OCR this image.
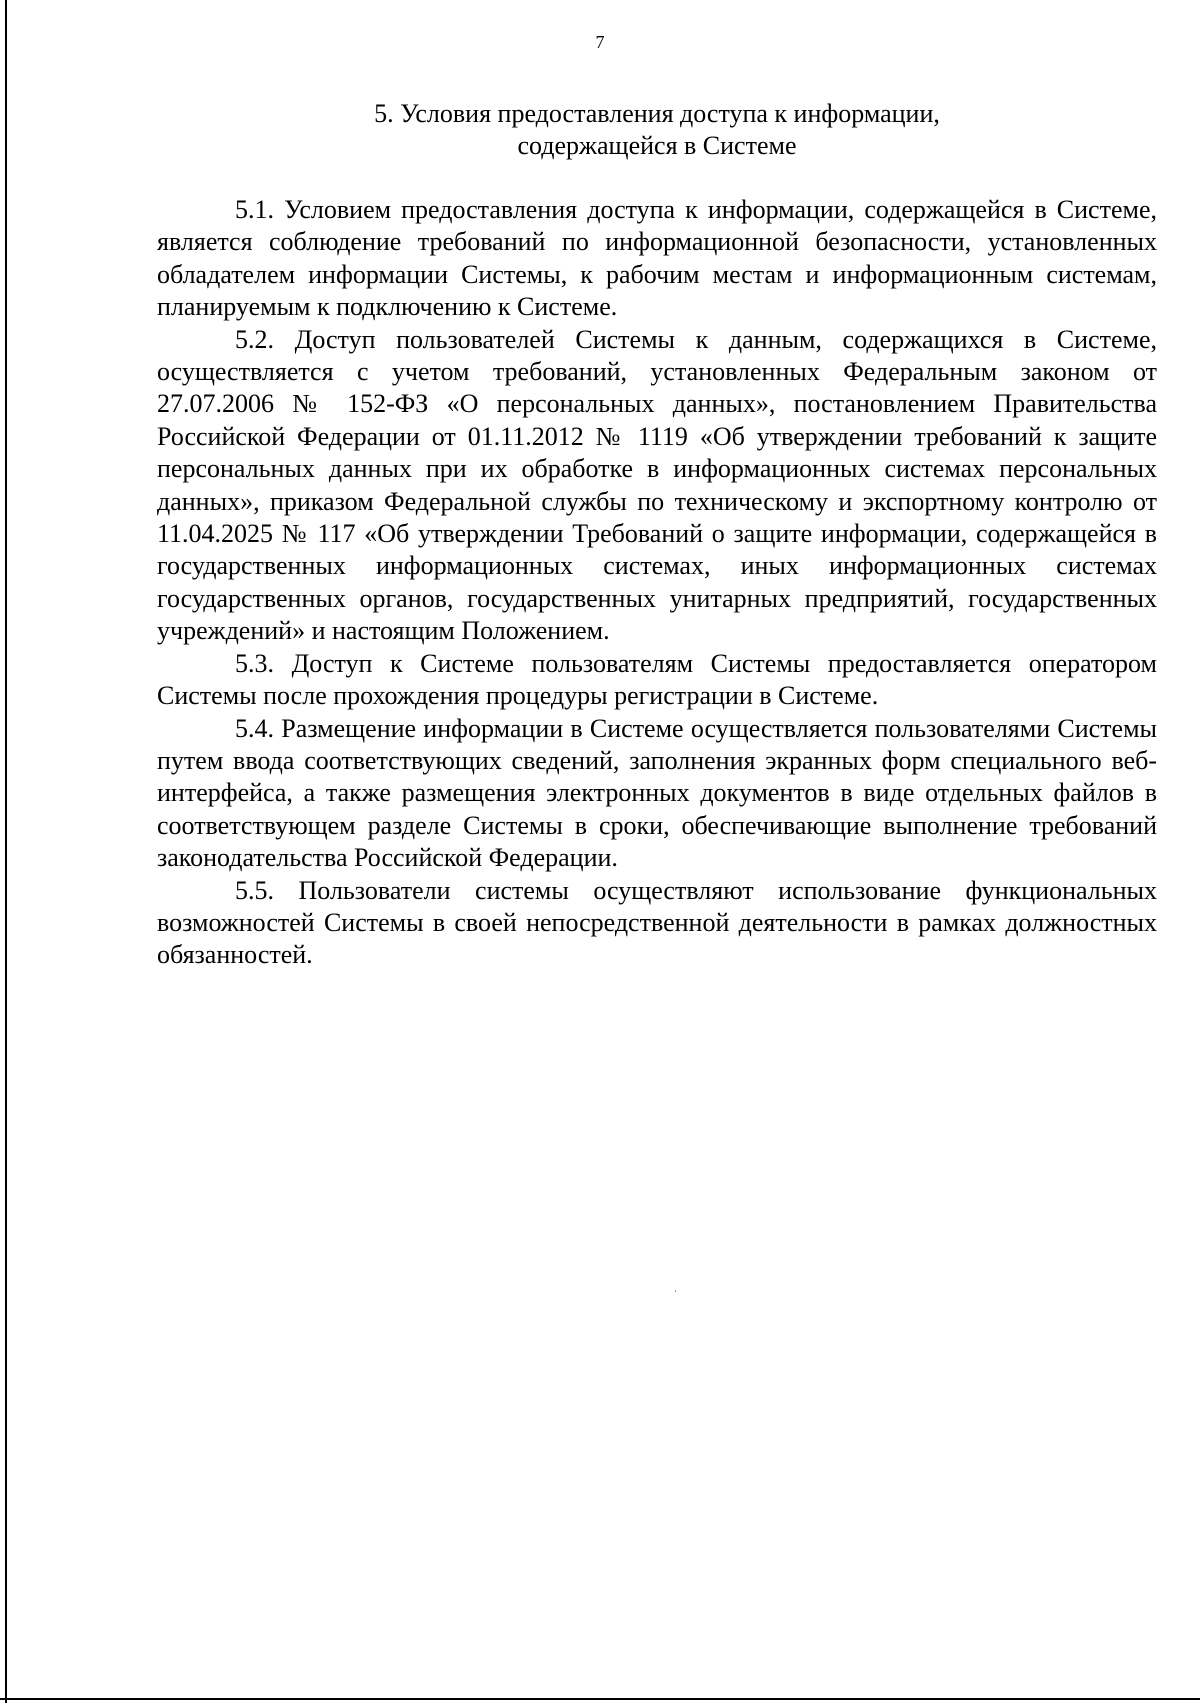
7
5. Условия предоставления доступа к информации,
содержащейся в Системе

5.1. Условием предоставления доступа к информации, содержащейся в Системе, является соблюдение требований по информационной безопасности, установленных обладателем информации Системы, к рабочим местам и информационным системам, планируемым к подключению к Системе.

5.2. Доступ пользователей Системы к данным, содержащихся в Системе, осуществляется с учетом требований, установленных Федеральным законом от 27.07.2006 № 152-ФЗ «О персональных данных», постановлением Правительства Российской Федерации от 01.11.2012 № 1119 «Об утверждении требований к защите персональных данных при их обработке в информационных системах персональных данных», приказом Федеральной службы по техническому и экспортному контролю от 11.04.2025 № 117 «Об утверждении Требований о защите информации, содержащейся в государственных информационных системах, иных информационных системах государственных органов, государственных унитарных предприятий, государственных учреждений» и настоящим Положением.

5.3. Доступ к Системе пользователям Системы предоставляется оператором Системы после прохождения процедуры регистрации в Системе.

5.4. Размещение информации в Системе осуществляется пользователями Системы путем ввода соответствующих сведений, заполнения экранных форм специального веб-интерфейса, а также размещения электронных документов в виде отдельных файлов в соответствующем разделе Системы в сроки, обеспечивающие выполнение требований законодательства Российской Федерации.

5.5. Пользователи системы осуществляют использование функциональных возможностей Системы в своей непосредственной деятельности в рамках должностных обязанностей.
